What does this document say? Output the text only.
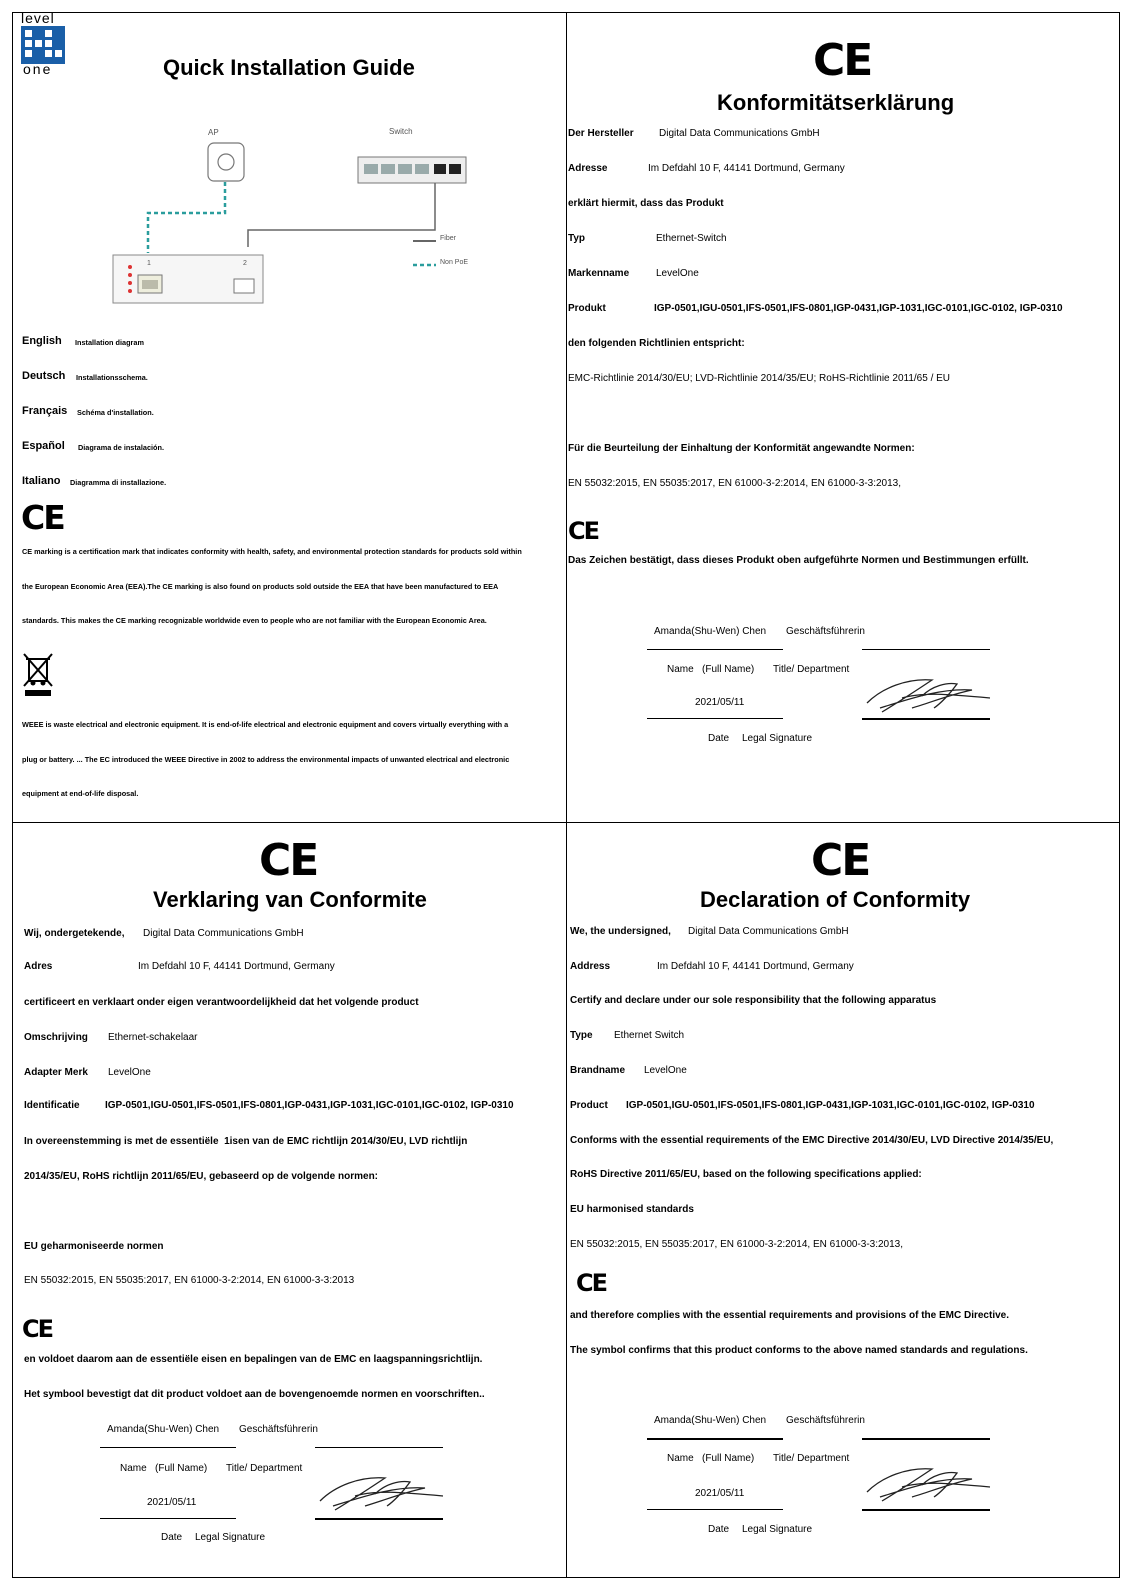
level
one	Quick Installation Guide
AP	Switch
1	2
Fiber
Non PoE
English Installation diagram
Deutsch Installationsschema.
Français Schéma d'installation.
Español Diagrama de instalación.
Italiano Diagramma di installazione.
CE
CE marking is a certification mark that indicates conformity with health, safety, and environmental protection standards for products sold within
the European Economic Area (EEA).The CE marking is also found on products sold outside the EEA that have been manufactured to EEA
standards. This makes the CE marking recognizable worldwide even to people who are not familiar with the European Economic Area.
WEEE is waste electrical and electronic equipment. It is end-of-life electrical and electronic equipment and covers virtually everything with a
plug or battery. ... The EC introduced the WEEE Directive in 2002 to address the environmental impacts of unwanted electrical and electronic
equipment at end-of-life disposal.
CE
Konformitätserklärung
Der Hersteller	Digital Data Communications GmbH
Adresse	Im Defdahl 10 F, 44141 Dortmund, Germany
erklärt hiermit, dass das Produkt
Typ	Ethernet-Switch
Markenname	LevelOne
Produkt	IGP-0501,IGU-0501,IFS-0501,IFS-0801,IGP-0431,IGP-1031,IGC-0101,IGC-0102, IGP-0310
den folgenden Richtlinien entspricht:
EMC-Richtlinie 2014/30/EU; LVD-Richtlinie 2014/35/EU; RoHS-Richtlinie 2011/65 / EU
Für die Beurteilung der Einhaltung der Konformität angewandte Normen:
EN 55032:2015, EN 55035:2017, EN 61000-3-2:2014, EN 61000-3-3:2013,
CE
Das Zeichen bestätigt, dass dieses Produkt oben aufgeführte Normen und Bestimmungen erfüllt.
Amanda(Shu-Wen) Chen Geschäftsführerin
Name   (Full Name) Title/ Department
2021/05/11
Date Legal Signature
CE
Verklaring van Conformite
Wij, ondergetekende, Digital Data Communications GmbH
Adres	Im Defdahl 10 F, 44141 Dortmund, Germany
certificeert en verklaart onder eigen verantwoordelijkheid dat het volgende product
Omschrijving Ethernet-schakelaar
Adapter Merk LevelOne
Identificatie	IGP-0501,IGU-0501,IFS-0501,IFS-0801,IGP-0431,IGP-1031,IGC-0101,IGC-0102, IGP-0310
In overeenstemming is met de essentiële  1isen van de EMC richtlijn 2014/30/EU, LVD richtlijn
2014/35/EU, RoHS richtlijn 2011/65/EU, gebaseerd op de volgende normen:
EU geharmoniseerde normen
EN 55032:2015, EN 55035:2017, EN 61000-3-2:2014, EN 61000-3-3:2013
CE
en voldoet daarom aan de essentiële eisen en bepalingen van de EMC en laagspanningsrichtlijn.
Het symbool bevestigt dat dit product voldoet aan de bovengenoemde normen en voorschriften..
Amanda(Shu-Wen) Chen Geschäftsführerin
Name   (Full Name) Title/ Department
2021/05/11
Date Legal Signature
CE
Declaration of Conformity
We, the undersigned, Digital Data Communications GmbH
Address	Im Defdahl 10 F, 44141 Dortmund, Germany
Certify and declare under our sole responsibility that the following apparatus
Type Ethernet Switch
Brandname LevelOne
Product IGP-0501,IGU-0501,IFS-0501,IFS-0801,IGP-0431,IGP-1031,IGC-0101,IGC-0102, IGP-0310
Conforms with the essential requirements of the EMC Directive 2014/30/EU, LVD Directive 2014/35/EU,
RoHS Directive 2011/65/EU, based on the following specifications applied:
EU harmonised standards
EN 55032:2015, EN 55035:2017, EN 61000-3-2:2014, EN 61000-3-3:2013,
CE
and therefore complies with the essential requirements and provisions of the EMC Directive.
The symbol confirms that this product conforms to the above named standards and regulations.
Amanda(Shu-Wen) Chen Geschäftsführerin
Name   (Full Name) Title/ Department
2021/05/11
Date Legal Signature
